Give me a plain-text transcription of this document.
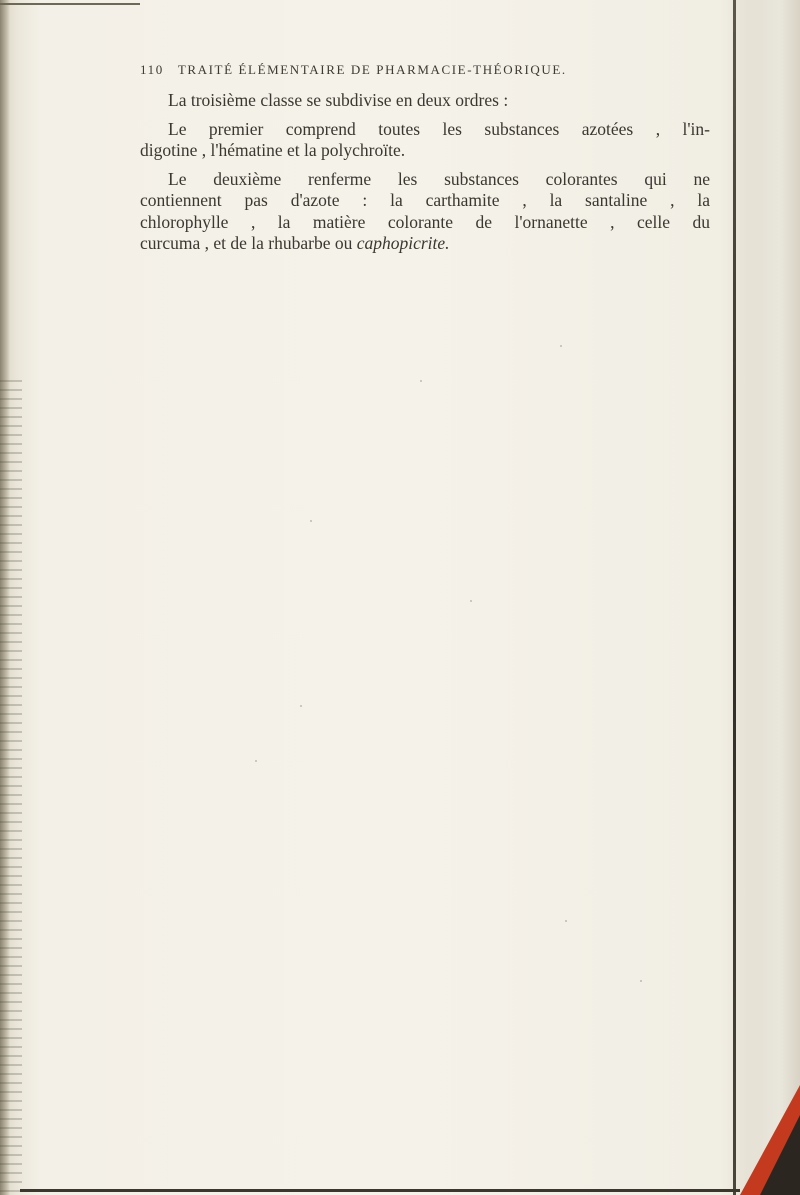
110 TRAITÉ ÉLÉMENTAIRE DE PHARMACIE-THÉORIQUE.

La troisième classe se subdivise en deux ordres :

Le premier comprend toutes les substances azotées , l'in-
digotine , l'hématine et la polychroïte.

Le deuxième renferme les substances colorantes qui ne
contiennent pas d'azote : la carthamite , la santaline , la
chlorophylle , la matière colorante de l'ornanette , celle du
curcuma , et de la rhubarbe ou caphopicrite.
